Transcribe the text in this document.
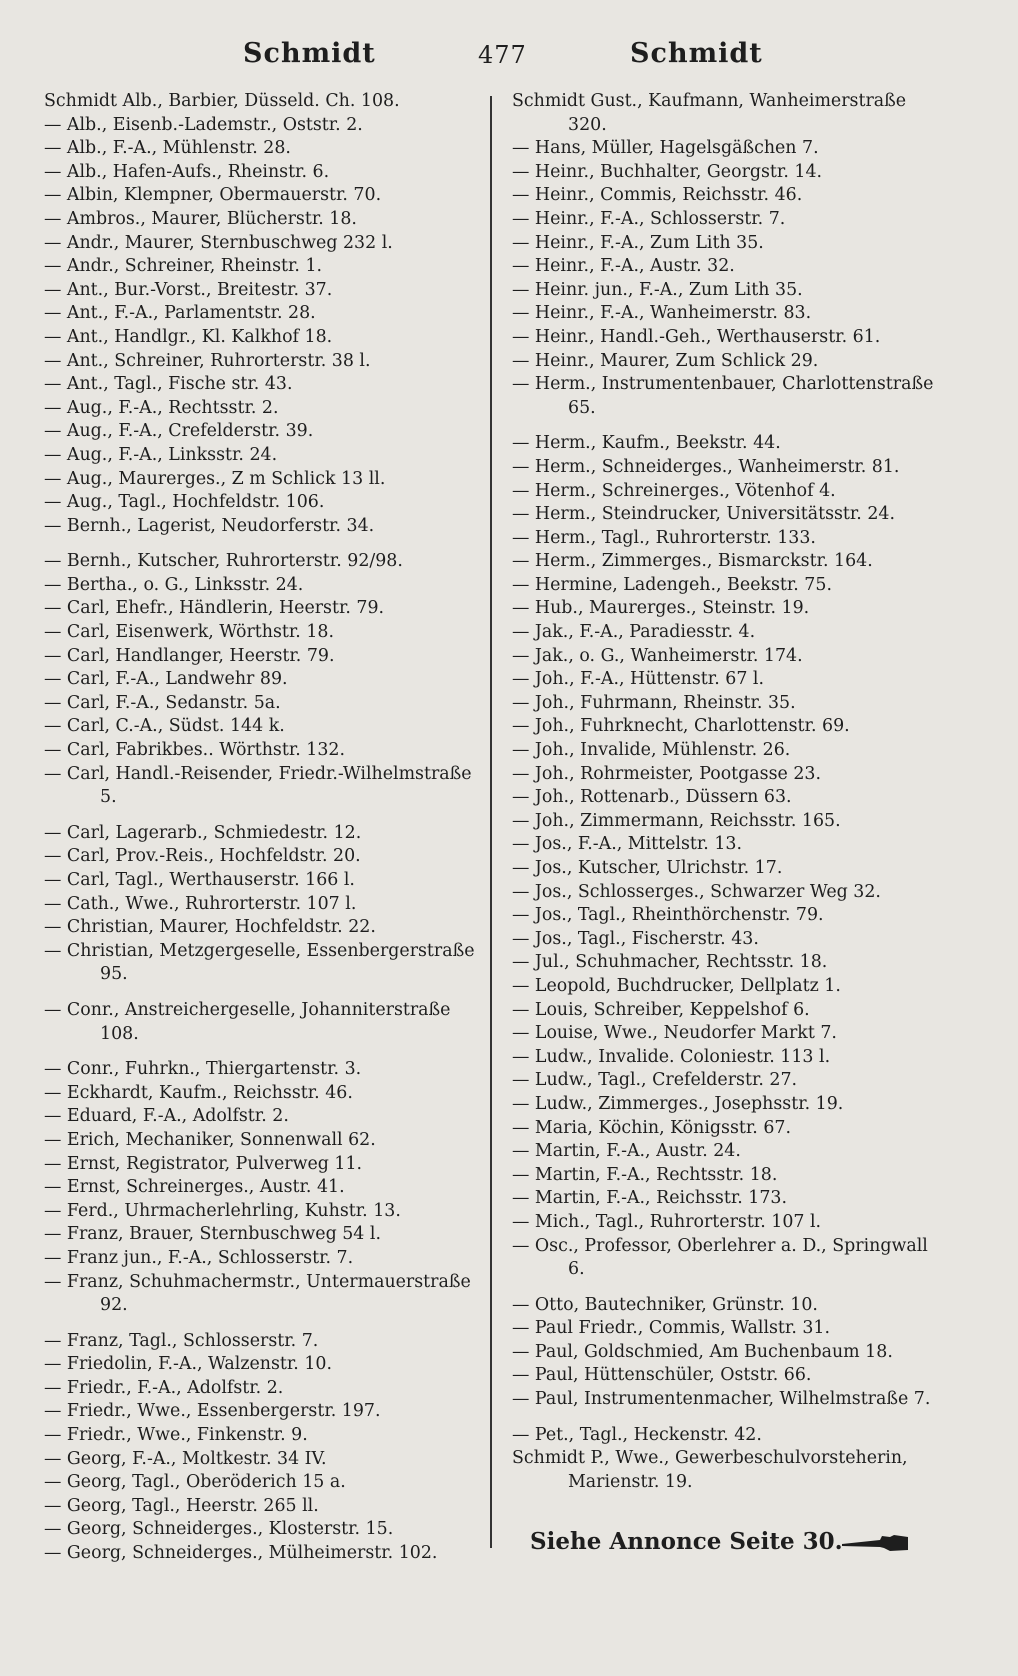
Schmidt	477	Schmidt
Schmidt Alb., Barbier, Düsseld. Ch. 108.
— Alb., Eisenb.-Lademstr., Oststr. 2.
— Alb., F.-A., Mühlenstr. 28.
— Alb., Hafen-Aufs., Rheinstr. 6.
— Albin, Klempner, Obermauerstr. 70.
— Ambros., Maurer, Blücherstr. 18.
— Andr., Maurer, Sternbuschweg 232 l.
— Andr., Schreiner, Rheinstr. 1.
— Ant., Bur.-Vorst., Breitestr. 37.
— Ant., F.-A., Parlamentstr. 28.
— Ant., Handlgr., Kl. Kalkhof 18.
— Ant., Schreiner, Ruhrorterstr. 38 l.
— Ant., Tagl., Fische str. 43.
— Aug., F.-A., Rechtsstr. 2.
— Aug., F.-A., Crefelderstr. 39.
— Aug., F.-A., Linksstr. 24.
— Aug., Maurerges., Z m Schlick 13 ll.
— Aug., Tagl., Hochfeldstr. 106.
— Bernh., Lagerist, Neudorferstr. 34.
— Bernh., Kutscher, Ruhrorterstr. 92/98.
— Bertha., o. G., Linksstr. 24.
— Carl, Ehefr., Händlerin, Heerstr. 79.
— Carl, Eisenwerk, Wörthstr. 18.
— Carl, Handlanger, Heerstr. 79.
— Carl, F.-A., Landwehr 89.
— Carl, F.-A., Sedanstr. 5a.
— Carl, C.-A., Südst. 144 k.
— Carl, Fabrikbes.. Wörthstr. 132.
— Carl, Handl.-Reisender, Friedr.-Wilhelmstraße 5.
— Carl, Lagerarb., Schmiedestr. 12.
— Carl, Prov.-Reis., Hochfeldstr. 20.
— Carl, Tagl., Werthauserstr. 166 l.
— Cath., Wwe., Ruhrorterstr. 107 l.
— Christian, Maurer, Hochfeldstr. 22.
— Christian, Metzgergeselle, Essenbergerstraße 95.
— Conr., Anstreichergeselle, Johanniterstraße 108.
— Conr., Fuhrkn., Thiergartenstr. 3.
— Eckhardt, Kaufm., Reichsstr. 46.
— Eduard, F.-A., Adolfstr. 2.
— Erich, Mechaniker, Sonnenwall 62.
— Ernst, Registrator, Pulverweg 11.
— Ernst, Schreinerges., Austr. 41.
— Ferd., Uhrmacherlehrling, Kuhstr. 13.
— Franz, Brauer, Sternbuschweg 54 l.
— Franz jun., F.-A., Schlosserstr. 7.
— Franz, Schuhmachermstr., Untermauerstraße 92.
— Franz, Tagl., Schlosserstr. 7.
— Friedolin, F.-A., Walzenstr. 10.
— Friedr., F.-A., Adolfstr. 2.
— Friedr., Wwe., Essenbergerstr. 197.
— Friedr., Wwe., Finkenstr. 9.
— Georg, F.-A., Moltkestr. 34 IV.
— Georg, Tagl., Oberöderich 15 a.
— Georg, Tagl., Heerstr. 265 ll.
— Georg, Schneiderges., Klosterstr. 15.
— Georg, Schneiderges., Mülheimerstr. 102.
Schmidt Gust., Kaufmann, Wanheimerstraße 320.
— Hans, Müller, Hagelsgäßchen 7.
— Heinr., Buchhalter, Georgstr. 14.
— Heinr., Commis, Reichsstr. 46.
— Heinr., F.-A., Schlosserstr. 7.
— Heinr., F.-A., Zum Lith 35.
— Heinr., F.-A., Austr. 32.
— Heinr. jun., F.-A., Zum Lith 35.
— Heinr., F.-A., Wanheimerstr. 83.
— Heinr., Handl.-Geh., Werthauserstr. 61.
— Heinr., Maurer, Zum Schlick 29.
— Herm., Instrumentenbauer, Charlottenstraße 65.
— Herm., Kaufm., Beekstr. 44.
— Herm., Schneiderges., Wanheimerstr. 81.
— Herm., Schreinerges., Vötenhof 4.
— Herm., Steindrucker, Universitätsstr. 24.
— Herm., Tagl., Ruhrorterstr. 133.
— Herm., Zimmerges., Bismarckstr. 164.
— Hermine, Ladengeh., Beekstr. 75.
— Hub., Maurerges., Steinstr. 19.
— Jak., F.-A., Paradiesstr. 4.
— Jak., o. G., Wanheimerstr. 174.
— Joh., F.-A., Hüttenstr. 67 l.
— Joh., Fuhrmann, Rheinstr. 35.
— Joh., Fuhrknecht, Charlottenstr. 69.
— Joh., Invalide, Mühlenstr. 26.
— Joh., Rohrmeister, Pootgasse 23.
— Joh., Rottenarb., Düssern 63.
— Joh., Zimmermann, Reichsstr. 165.
— Jos., F.-A., Mittelstr. 13.
— Jos., Kutscher, Ulrichstr. 17.
— Jos., Schlosserges., Schwarzer Weg 32.
— Jos., Tagl., Rheinthörchenstr. 79.
— Jos., Tagl., Fischerstr. 43.
— Jul., Schuhmacher, Rechtsstr. 18.
— Leopold, Buchdrucker, Dellplatz 1.
— Louis, Schreiber, Keppelshof 6.
— Louise, Wwe., Neudorfer Markt 7.
— Ludw., Invalide. Coloniestr. 113 l.
— Ludw., Tagl., Crefelderstr. 27.
— Ludw., Zimmerges., Josephsstr. 19.
— Maria, Köchin, Königsstr. 67.
— Martin, F.-A., Austr. 24.
— Martin, F.-A., Rechtsstr. 18.
— Martin, F.-A., Reichsstr. 173.
— Mich., Tagl., Ruhrorterstr. 107 l.
— Osc., Professor, Oberlehrer a. D., Springwall 6.
— Otto, Bautechniker, Grünstr. 10.
— Paul Friedr., Commis, Wallstr. 31.
— Paul, Goldschmied, Am Buchenbaum 18.
— Paul, Hüttenschüler, Oststr. 66.
— Paul, Instrumentenmacher, Wilhelmstraße 7.
— Pet., Tagl., Heckenstr. 42.
Schmidt P., Wwe., Gewerbeschulvorsteherin, Marienstr. 19.
Siehe Annonce Seite 30.
